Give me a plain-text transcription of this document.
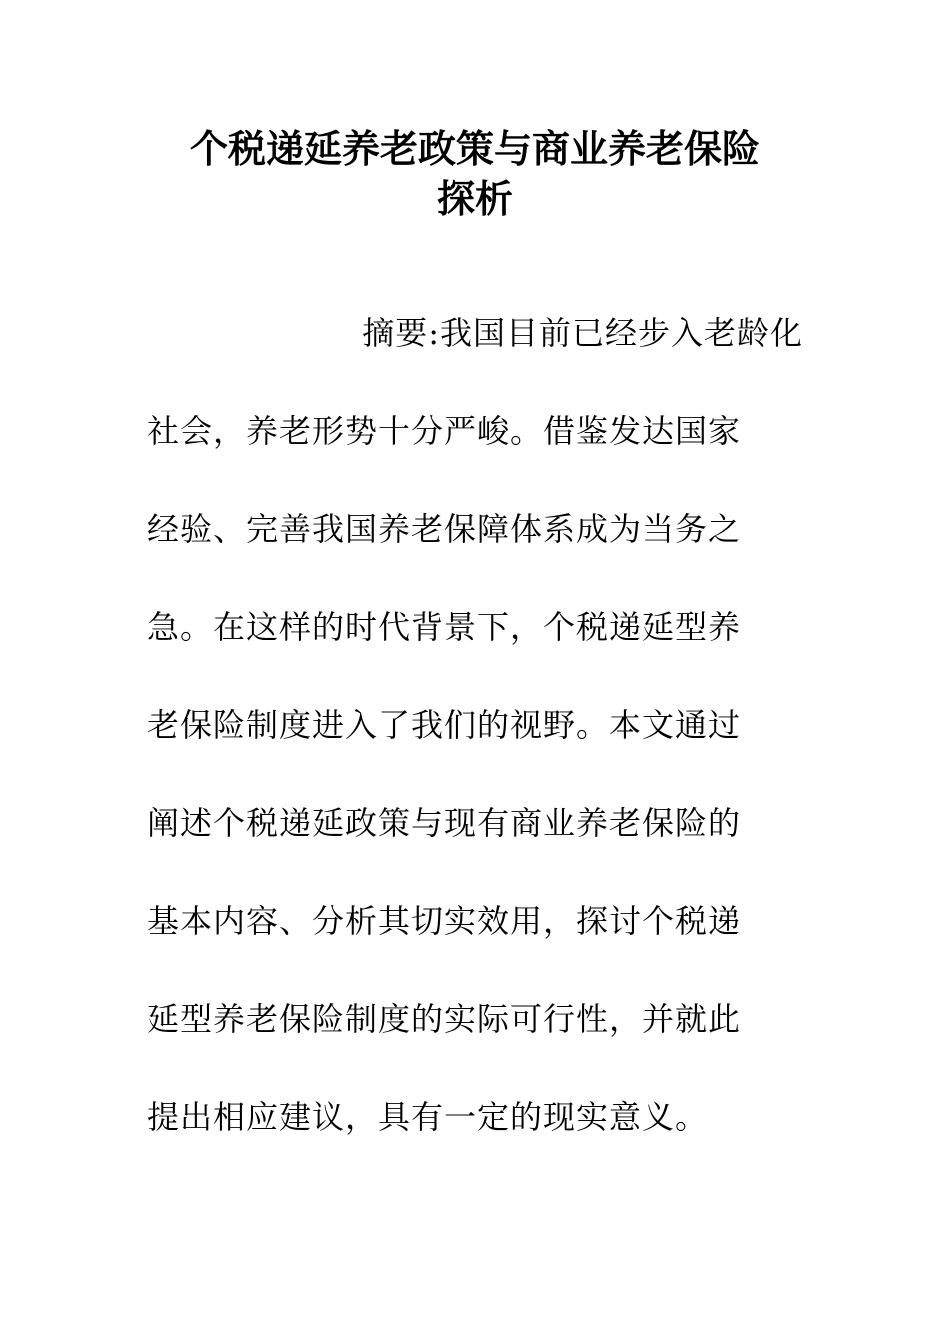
个税递延养老政策与商业养老保险
探析
摘要:我国目前已经步入老龄化
社会，养老形势十分严峻。借鉴发达国家
经验、完善我国养老保障体系成为当务之
急。在这样的时代背景下，个税递延型养
老保险制度进入了我们的视野。本文通过
阐述个税递延政策与现有商业养老保险的
基本内容、分析其切实效用，探讨个税递
延型养老保险制度的实际可行性，并就此
提出相应建议，具有一定的现实意义。
